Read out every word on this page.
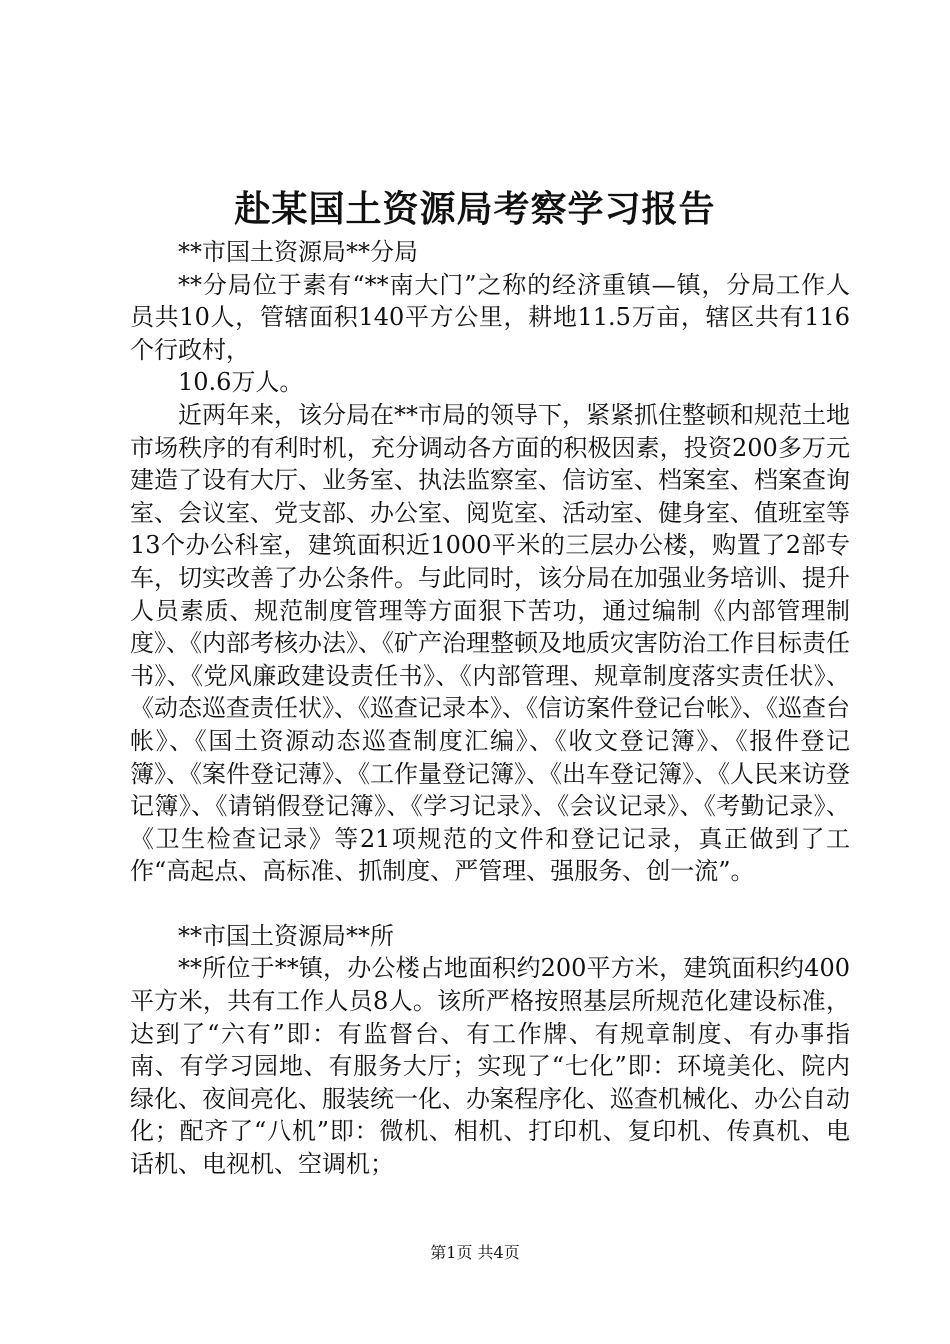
赴某国土资源局考察学习报告

**市国土资源局**分局

**分局位于素有“**南大门”之称的经济重镇—镇，分局工作人员共10人，管辖面积140平方公里，耕地11.5万亩，辖区共有116个行政村，

10.6万人。

近两年来，该分局在**市局的领导下，紧紧抓住整顿和规范土地市场秩序的有利时机，充分调动各方面的积极因素，投资200多万元建造了设有大厅、业务室、执法监察室、信访室、档案室、档案查询室、会议室、党支部、办公室、阅览室、活动室、健身室、值班室等13个办公科室，建筑面积近1000平米的三层办公楼，购置了2部专车，切实改善了办公条件。与此同时，该分局在加强业务培训、提升人员素质、规范制度管理等方面狠下苦功，通过编制《内部管理制度》、《内部考核办法》、《矿产治理整顿及地质灾害防治工作目标责任书》、《党风廉政建设责任书》、《内部管理、规章制度落实责任状》、《动态巡查责任状》、《巡查记录本》、《信访案件登记台帐》、《巡查台帐》、《国土资源动态巡查制度汇编》、《收文登记簿》、《报件登记簿》、《案件登记薄》、《工作量登记簿》、《出车登记簿》、《人民来访登记簿》、《请销假登记簿》、《学习记录》、《会议记录》、《考勤记录》、《卫生检查记录》等21项规范的文件和登记记录，真正做到了工作“高起点、高标准、抓制度、严管理、强服务、创一流”。

**市国土资源局**所

**所位于**镇，办公楼占地面积约200平方米，建筑面积约400平方米，共有工作人员8人。该所严格按照基层所规范化建设标准，达到了“六有”即：有监督台、有工作牌、有规章制度、有办事指南、有学习园地、有服务大厅；实现了“七化”即：环境美化、院内绿化、夜间亮化、服装统一化、办案程序化、巡查机械化、办公自动化；配齐了“八机”即：微机、相机、打印机、复印机、传真机、电话机、电视机、空调机；

第1页 共4页
